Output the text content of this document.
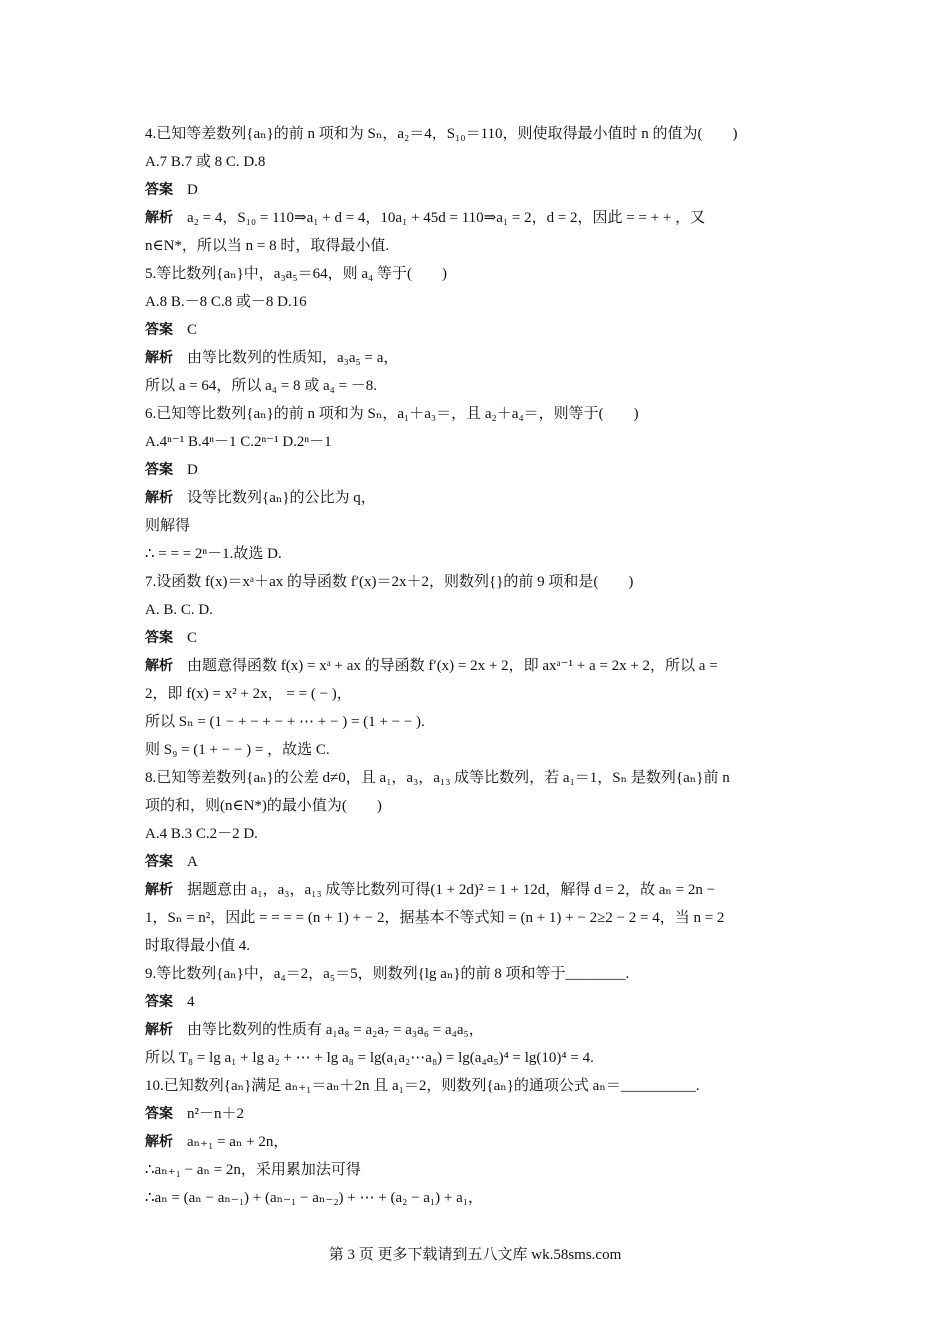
4.已知等差数列{aₙ}的前 n 项和为 Sₙ，a₂＝4，S₁₀＝110，则使取得最小值时 n 的值为(　　)
A.7 B.7 或 8 C. D.8
答案 D
解析 a₂ = 4，S₁₀ = 110⇒a₁ + d = 4，10a₁ + 45d = 110⇒a₁ = 2，d = 2，因此 = = + + ，又
n∈N*，所以当 n = 8 时，取得最小值.
5.等比数列{aₙ}中，a₃a₅＝64，则 a₄ 等于(　　)
A.8 B.－8 C.8 或－8 D.16
答案 C
解析 由等比数列的性质知，a₃a₅ = a，
所以 a = 64，所以 a₄ = 8 或 a₄ = －8.
6.已知等比数列{aₙ}的前 n 项和为 Sₙ，a₁＋a₃＝，且 a₂＋a₄＝，则等于(　　)
A.4ⁿ⁻¹ B.4ⁿ－1 C.2ⁿ⁻¹ D.2ⁿ－1
答案 D
解析 设等比数列{aₙ}的公比为 q，
则解得
∴ = = = 2ⁿ－1.故选 D.
7.设函数 f(x)＝xᵃ＋ax 的导函数 f′(x)＝2x＋2，则数列{}的前 9 项和是(　　)
A. B. C. D.
答案 C
解析 由题意得函数 f(x) = xᵃ + ax 的导函数 f′(x) = 2x + 2，即 axᵃ⁻¹ + a = 2x + 2，所以 a =
2，即 f(x) = x² + 2x， = = ( − )，
所以 Sₙ = (1 − + − + − + ⋯ + − ) = (1 + − − ).
则 S₉ = (1 + − − ) = ，故选 C.
8.已知等差数列{aₙ}的公差 d≠0，且 a₁，a₃，a₁₃ 成等比数列，若 a₁＝1，Sₙ 是数列{aₙ}前 n
项的和，则(n∈N*)的最小值为(　　)
A.4 B.3 C.2－2 D.
答案 A
解析 据题意由 a₁，a₃，a₁₃ 成等比数列可得(1 + 2d)² = 1 + 12d，解得 d = 2，故 aₙ = 2n −
1，Sₙ = n²，因此 = = = = (n + 1) + − 2，据基本不等式知 = (n + 1) + − 2≥2 − 2 = 4，当 n = 2
时取得最小值 4.
9.等比数列{aₙ}中，a₄＝2，a₅＝5，则数列{lg aₙ}的前 8 项和等于________.
答案 4
解析 由等比数列的性质有 a₁a₈ = a₂a₇ = a₃a₆ = a₄a₅，
所以 T₈ = lg a₁ + lg a₂ + ⋯ + lg a₈ = lg(a₁a₂⋯a₈) = lg(a₄a₅)⁴ = lg(10)⁴ = 4.
10.已知数列{aₙ}满足 aₙ₊₁＝aₙ＋2n 且 a₁＝2，则数列{aₙ}的通项公式 aₙ＝__________.
答案 n²－n＋2
解析 aₙ₊₁ = aₙ + 2n，
∴aₙ₊₁ − aₙ = 2n，采用累加法可得
∴aₙ = (aₙ − aₙ₋₁) + (aₙ₋₁ − aₙ₋₂) + ⋯ + (a₂ − a₁) + a₁，
第 3 页 更多下载请到五八文库 wk.58sms.com
